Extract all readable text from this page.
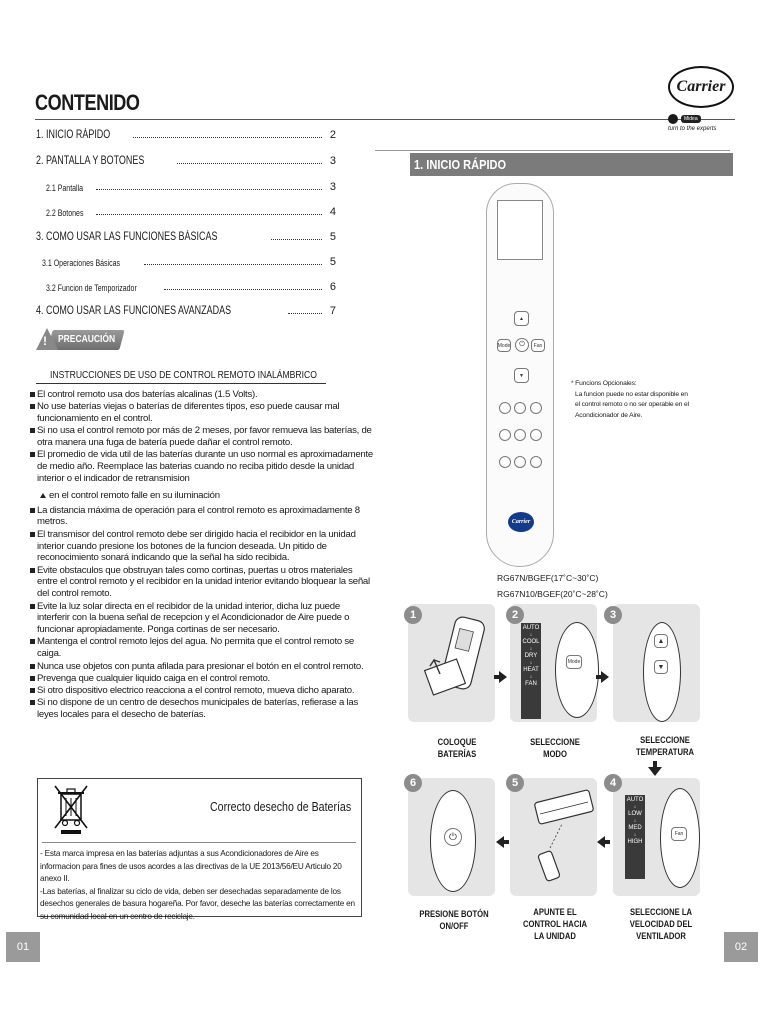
CONTENIDO
1. INICIO RÁPIDO	2
2. PANTALLA Y BOTONES	3
2.1 Pantalla	3
2.2 Botones	4
3. COMO USAR LAS FUNCIONES BÁSICAS	5
3.1 Operaciones Básicas	5
3.2 Funcion de Temporizador	6
4. COMO USAR LAS FUNCIONES AVANZADAS	7
! PRECAUCIÓN
INSTRUCCIONES DE USO DE CONTROL REMOTO INALÁMBRICO
El control remoto usa dos baterías alcalinas (1.5 Volts).
No use baterías viejas o baterías de diferentes tipos, eso puede causar mal funcionamiento en el control.
Si no usa el control remoto por más de 2 meses, por favor remueva las baterías, de otra manera una fuga de batería puede dañar el control remoto.
El promedio de vida util de las baterías durante un uso normal es aproximadamente de medio año. Reemplace las baterias cuando no reciba pitido desde la unidad interior o el indicador de retransmision
en el control remoto falle en su iluminación
La distancia máxima de operación para el control remoto es aproximadamente 8 metros.
El transmisor del control remoto debe ser dirigido hacia el recibidor en la unidad interior cuando presione los botones de la funcion deseada. Un pitido de reconocimiento sonará indicando que la señal ha sido recibida.
Evite obstaculos que obstruyan tales como cortinas, puertas u otros materiales entre el control remoto y el recibidor en la unidad interior evitando bloquear la señal del control remoto.
Evite la luz solar directa en el recibidor de la unidad interior, dicha luz puede interferir con la buena señal de recepcion y el Acondicionador de Aire puede o funcionar apropiadamente. Ponga cortinas de ser necesario.
Mantenga el control remoto lejos del agua. No permita que el control remoto se caiga.
Nunca use objetos con punta afilada para presionar el botón en el control remoto.
Prevenga que cualquier liquido caiga en el control remoto.
Si otro dispositivo electrico reacciona a el control remoto, mueva dicho aparato.
Si no dispone de un centro de desechos municipales de baterías, refierase a las leyes locales para el desecho de baterías.
Correcto desecho de Baterías
- Esta marca impresa en las baterías adjuntas a sus Acondicionadores de Aire es informacion para fines de usos acordes a las directivas de la UE 2013/56/EU Articulo 20 anexo II.
-Las baterías, al finalizar su ciclo de vida, deben ser desechadas separadamente de los desechos generales de basura hogareña. Por favor, deseche las baterías correctamente en su comunidad local en un centro de reciclaje.
01
Carrier
Midea
turn to the experts
1. INICIO RÁPIDO
▲
⏻
Mode	Fan
▼
Carrier
* Funcions Opcionales:
La funcion puede no estar disponible en el control remoto o no ser operable en el Acondicionador de Aire.
RG67N/BGEF(17˚C~30˚C)
RG67N10/BGEF(20˚C~28˚C)
1
COLOQUE BATERÍAS
2
AUTO
↓
COOL
↓
DRY
↓
HEAT
↓
FAN
Mode
SELECCIONE MODO
3
▲
▼
SELECCIONE TEMPERATURA
4
AUTO
↓
LOW
↓
MED
↓
HIGH
Fan
SELECCIONE LA VELOCIDAD DEL VENTILADOR
5
APUNTE EL CONTROL HACIA LA UNIDAD
6
⏻
PRESIONE BOTÓN ON/OFF
02
